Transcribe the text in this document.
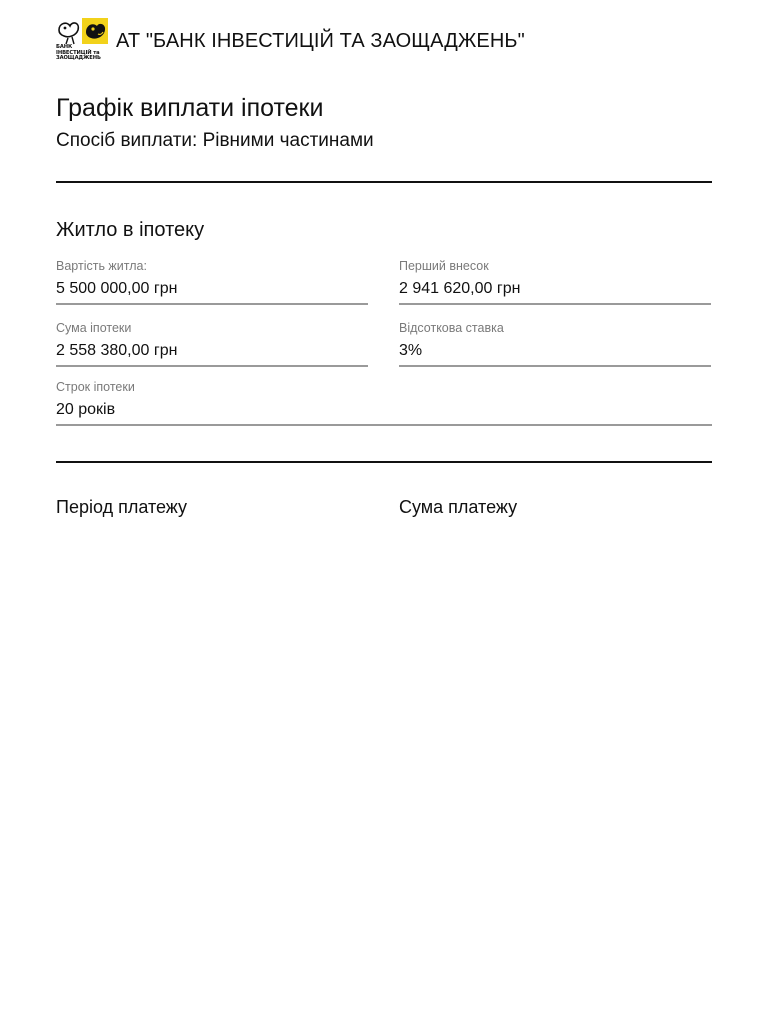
БАНК
ІНВЕСТИЦІЙ та
ЗАОЩАДЖЕНЬ
АТ "БАНК ІНВЕСТИЦІЙ ТА ЗАОЩАДЖЕНЬ"
Графік виплати іпотеки
Спосіб виплати: Рівними частинами
Житло в іпотеку
Вартість житла:
5 500 000,00 грн
Перший внесок
2 941 620,00 грн
Сума іпотеки
2 558 380,00 грн
Відсоткова ставка
3%
Строк іпотеки
20 років
Період платежу	Сума платежу
